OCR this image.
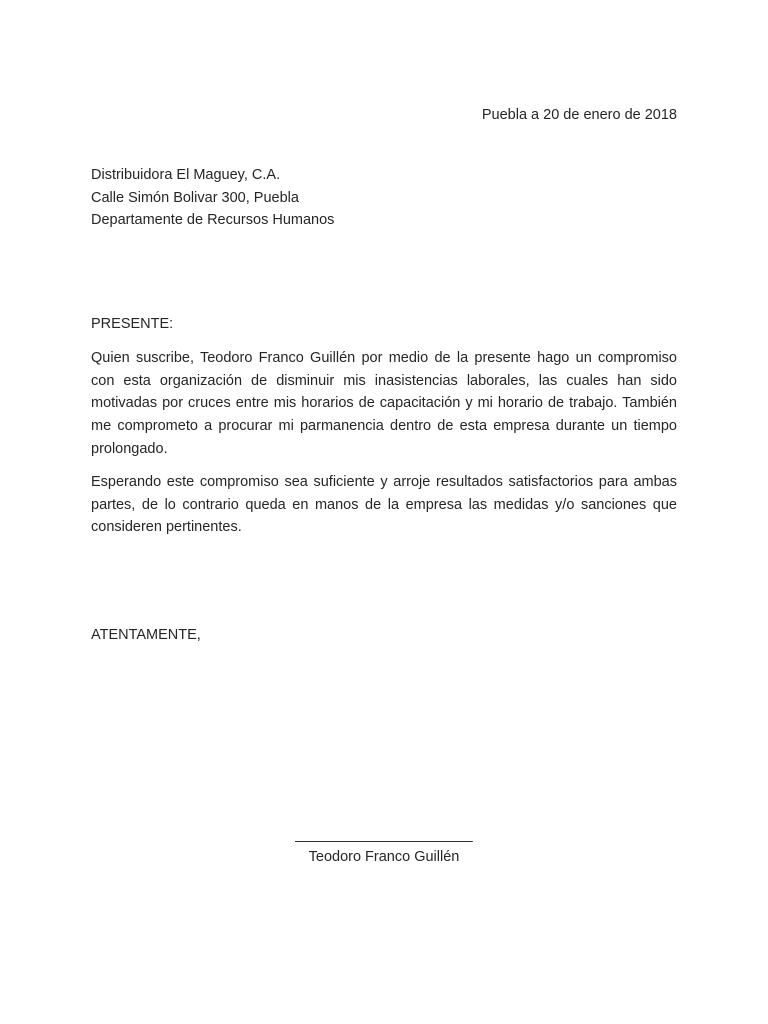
Puebla a 20 de enero de 2018
Distribuidora El Maguey, C.A.
Calle Simón Bolivar 300, Puebla
Departamente de Recursos Humanos
PRESENTE:

Quien suscribe, Teodoro Franco Guillén por medio de la presente hago un compromiso con esta organización de disminuir mis inasistencias laborales, las cuales han sido motivadas por cruces entre mis horarios de capacitación y mi horario de trabajo. También me comprometo a procurar mi parmanencia dentro de esta empresa durante un tiempo prolongado.

Esperando este compromiso sea suficiente y arroje resultados satisfactorios para ambas partes, de lo contrario queda en manos de la empresa las medidas y/o sanciones que consideren pertinentes.

ATENTAMENTE,
______________________
Teodoro Franco Guillén
